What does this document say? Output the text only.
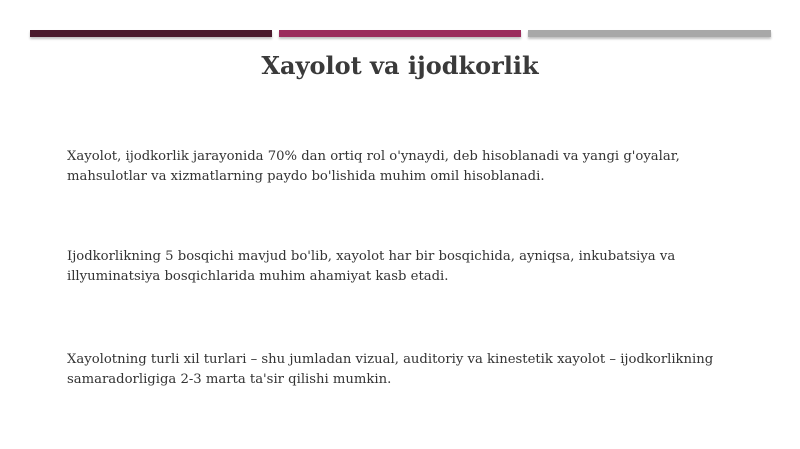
Xayolot va ijodkorlik

Xayolot, ijodkorlik jarayonida 70% dan ortiq rol o'ynaydi, deb hisoblanadi va yangi g'oyalar, mahsulotlar va xizmatlarning paydo bo'lishida muhim omil hisoblanadi.

Ijodkorlikning 5 bosqichi mavjud bo'lib, xayolot har bir bosqichida, ayniqsa, inkubatsiya va illyuminatsiya bosqichlarida muhim ahamiyat kasb etadi.

Xayolotning turli xil turlari – shu jumladan vizual, auditoriy va kinestetik xayolot – ijodkorlikning samaradorligiga 2-3 marta ta'sir qilishi mumkin.
